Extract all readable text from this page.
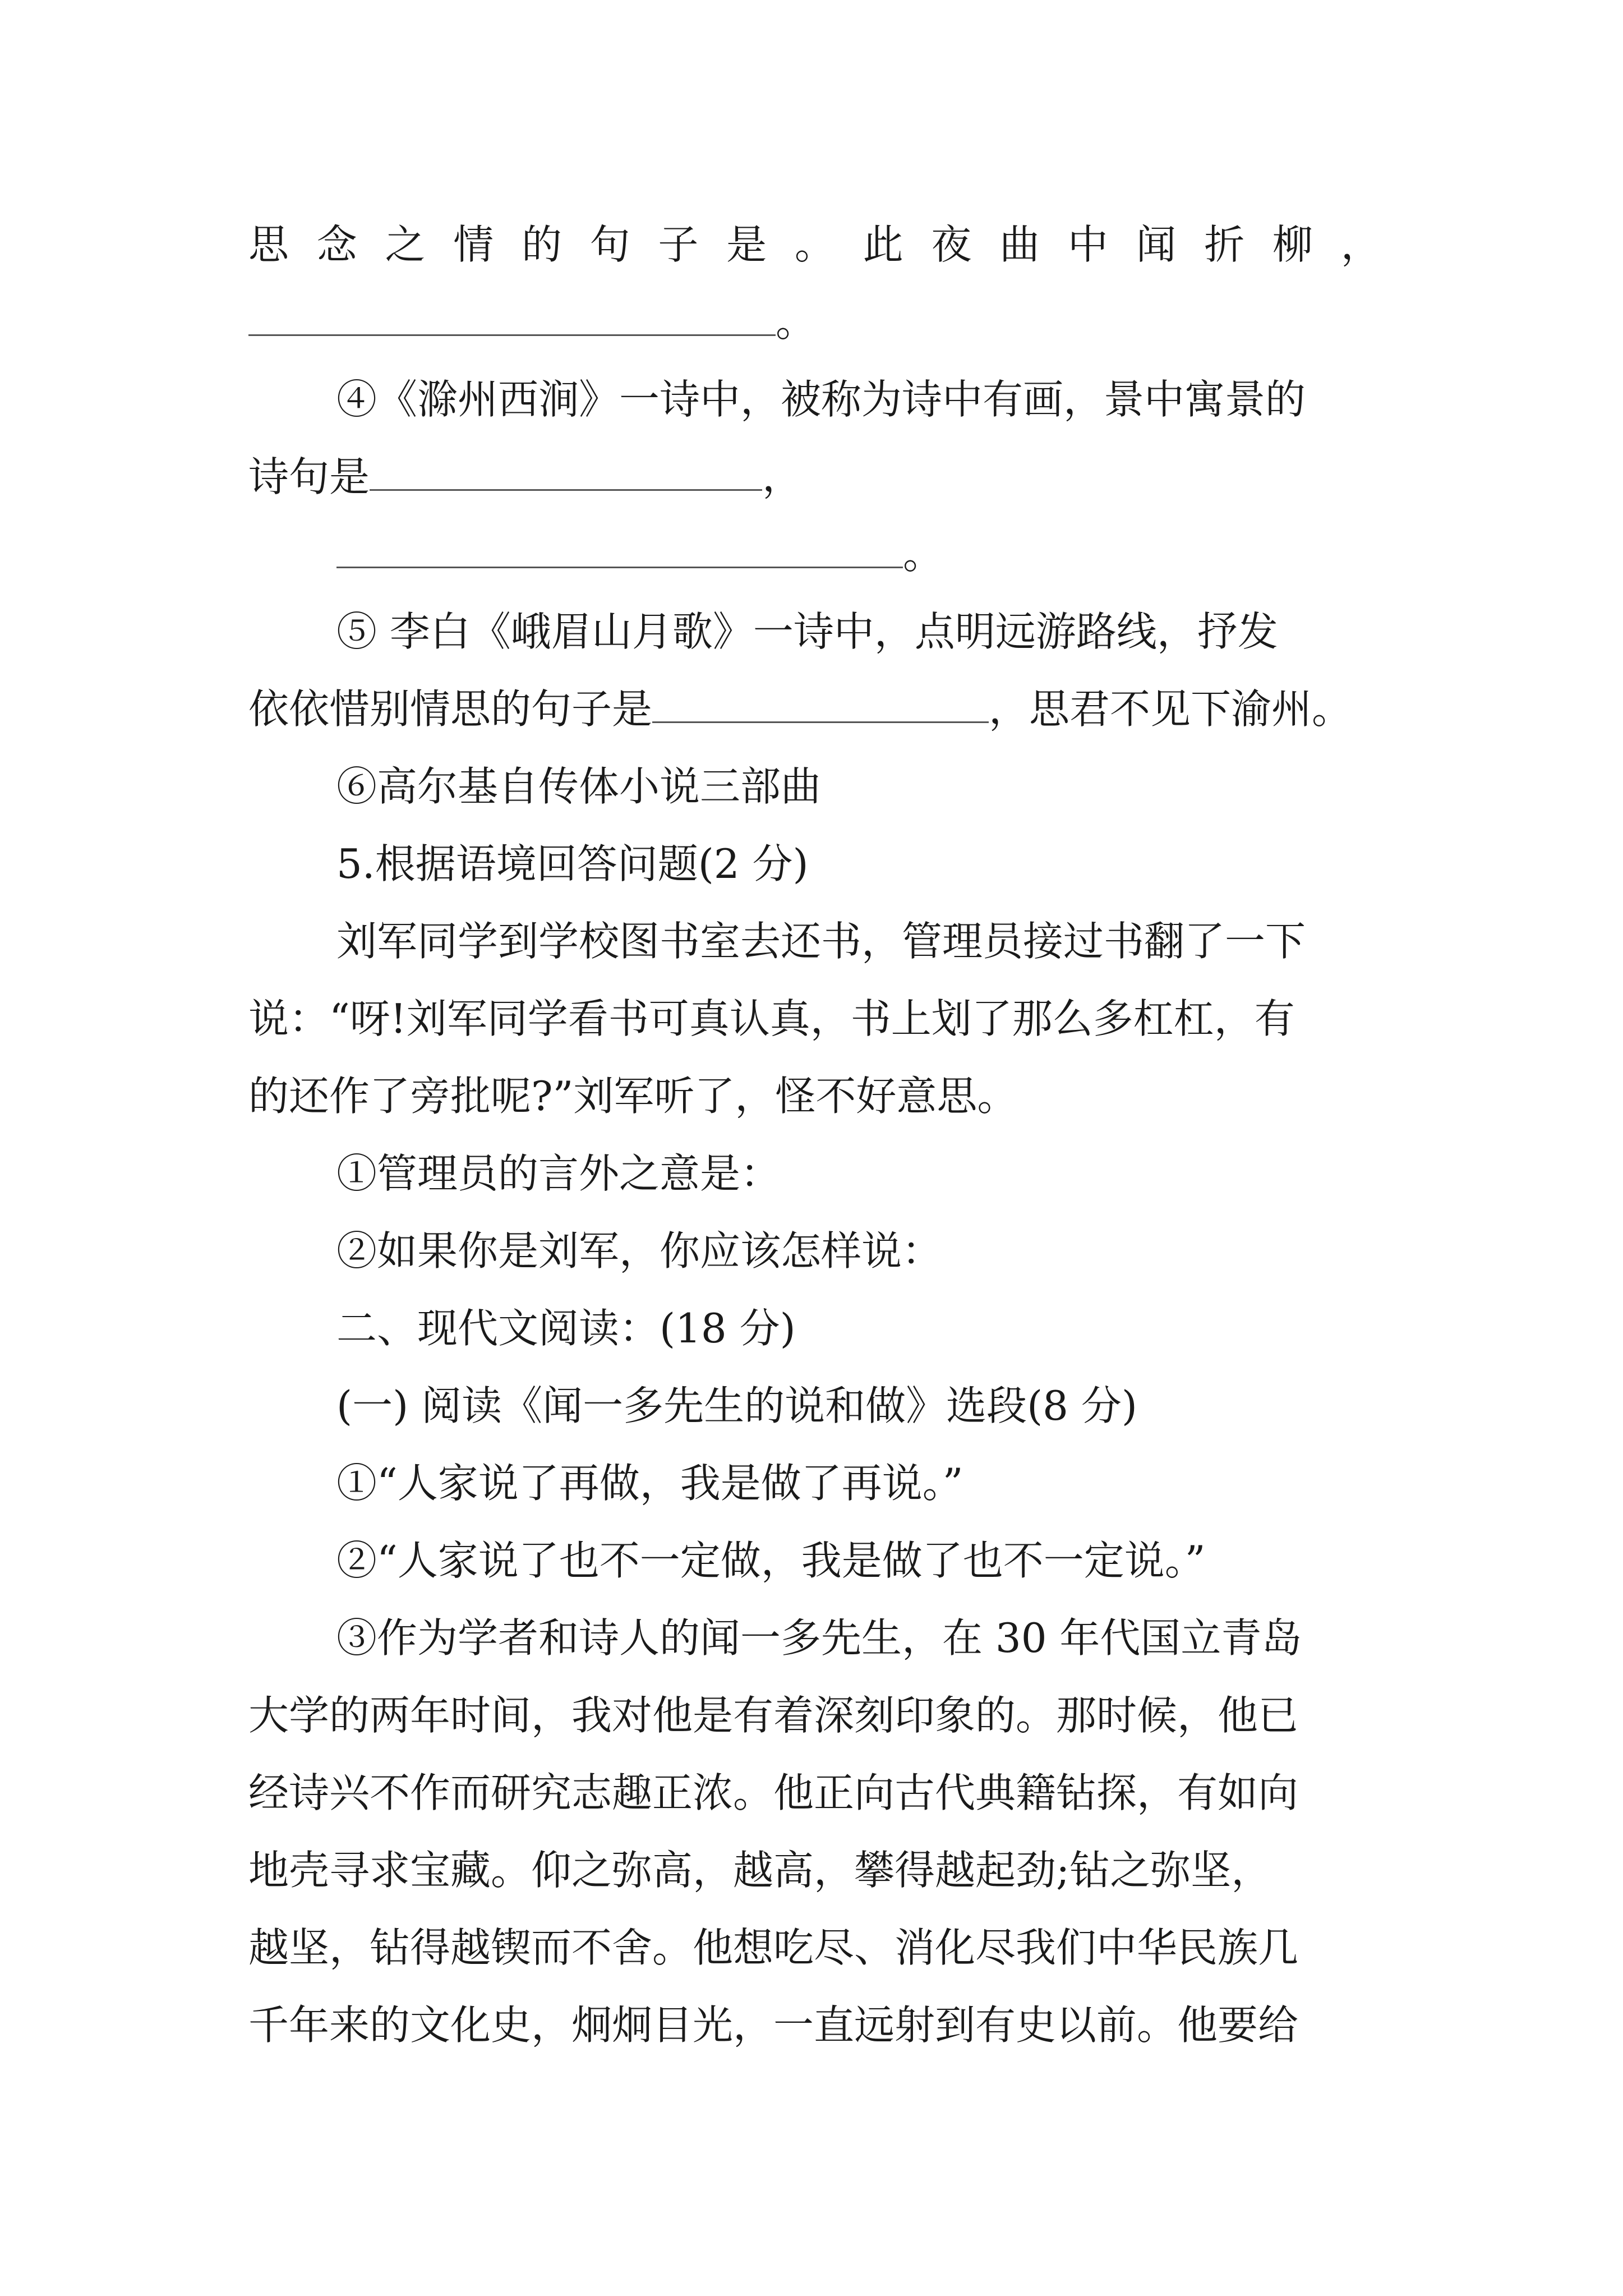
思 念 之 情 的 句 子 是 。 此 夜 曲 中 闻 折 柳 ，
。
④《滁州西涧》一诗中，被称为诗中有画，景中寓景的
诗句是	，
。
⑤ 李白《峨眉山月歌》一诗中，点明远游路线，抒发
依依惜别情思的句子是	，思君不见下渝州。
⑥高尔基自传体小说三部曲
5.根据语境回答问题(2 分)
刘军同学到学校图书室去还书，管理员接过书翻了一下
说：“呀!刘军同学看书可真认真，书上划了那么多杠杠，有
的还作了旁批呢?”刘军听了，怪不好意思。
①管理员的言外之意是：
②如果你是刘军，你应该怎样说：
二、现代文阅读：(18 分)
(一) 阅读《闻一多先生的说和做》选段(8 分)
①“人家说了再做，我是做了再说。”
②“人家说了也不一定做，我是做了也不一定说。”
③作为学者和诗人的闻一多先生，在 30 年代国立青岛
大学的两年时间，我对他是有着深刻印象的。那时候，他已
经诗兴不作而研究志趣正浓。他正向古代典籍钻探，有如向
地壳寻求宝藏。仰之弥高，越高，攀得越起劲;钻之弥坚，
越坚，钻得越锲而不舍。他想吃尽、消化尽我们中华民族几
千年来的文化史，炯炯目光，一直远射到有史以前。他要给
